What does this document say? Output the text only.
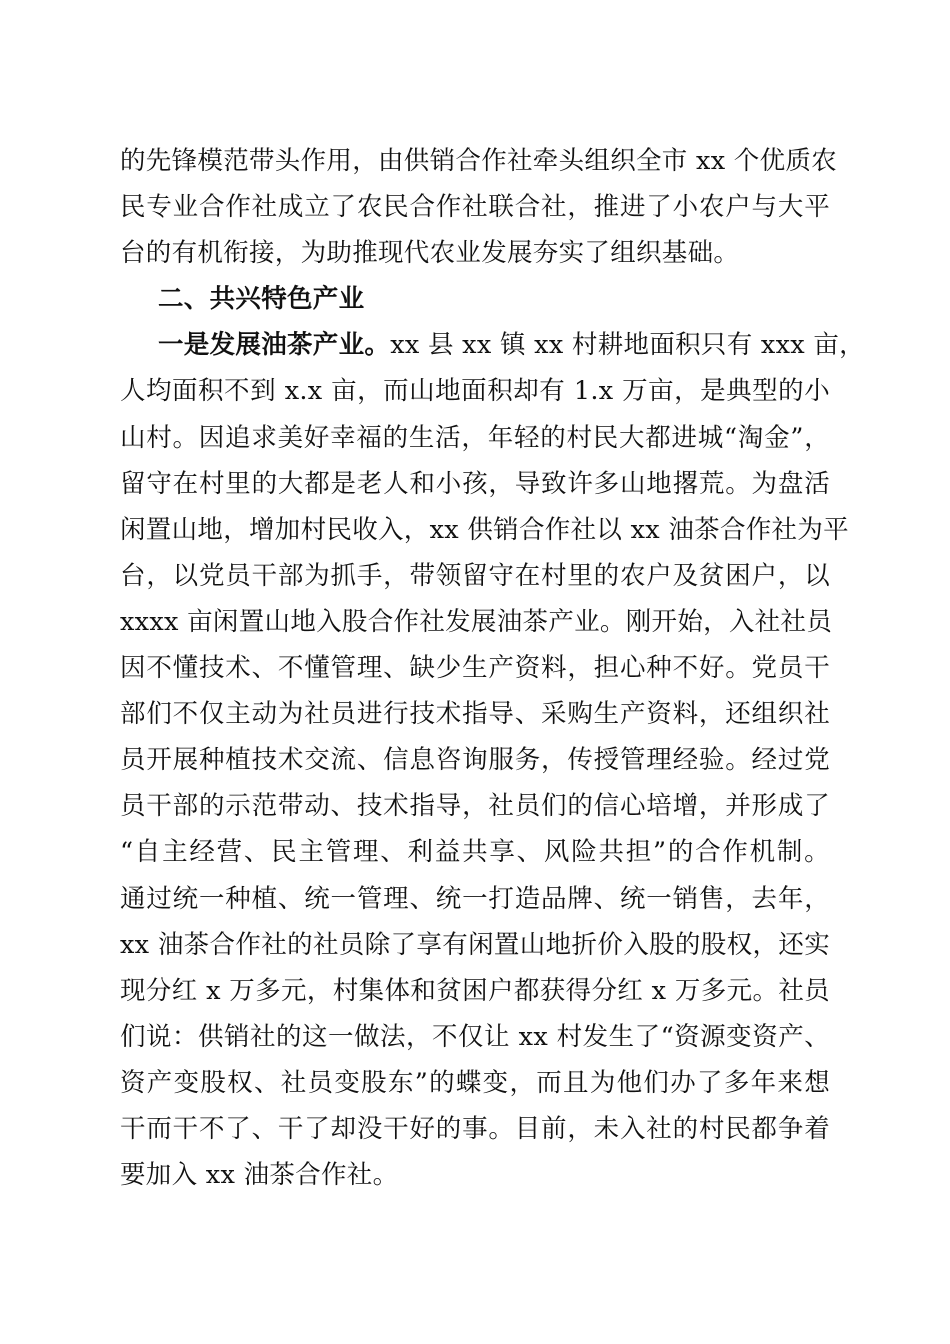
的先锋模范带头作用，由供销合作社牵头组织全市 xx 个优质农
民专业合作社成立了农民合作社联合社，推进了小农户与大平
台的有机衔接，为助推现代农业发展夯实了组织基础。
二、共兴特色产业
一是发展油茶产业。xx 县 xx 镇 xx 村耕地面积只有 xxx 亩，
人均面积不到 x.x 亩，而山地面积却有 1.x 万亩，是典型的小
山村。因追求美好幸福的生活，年轻的村民大都进城“淘金”，
留守在村里的大都是老人和小孩，导致许多山地撂荒。为盘活
闲置山地，增加村民收入，xx 供销合作社以 xx 油茶合作社为平
台，以党员干部为抓手，带领留守在村里的农户及贫困户，以
xxxx 亩闲置山地入股合作社发展油茶产业。刚开始，入社社员
因不懂技术、不懂管理、缺少生产资料，担心种不好。党员干
部们不仅主动为社员进行技术指导、采购生产资料，还组织社
员开展种植技术交流、信息咨询服务，传授管理经验。经过党
员干部的示范带动、技术指导，社员们的信心培增，并形成了
“自主经营、民主管理、利益共享、风险共担”的合作机制。
通过统一种植、统一管理、统一打造品牌、统一销售，去年，
xx 油茶合作社的社员除了享有闲置山地折价入股的股权，还实
现分红 x 万多元，村集体和贫困户都获得分红 x 万多元。社员
们说：供销社的这一做法，不仅让 xx 村发生了“资源变资产、
资产变股权、社员变股东”的蝶变，而且为他们办了多年来想
干而干不了、干了却没干好的事。目前，未入社的村民都争着
要加入 xx 油茶合作社。
